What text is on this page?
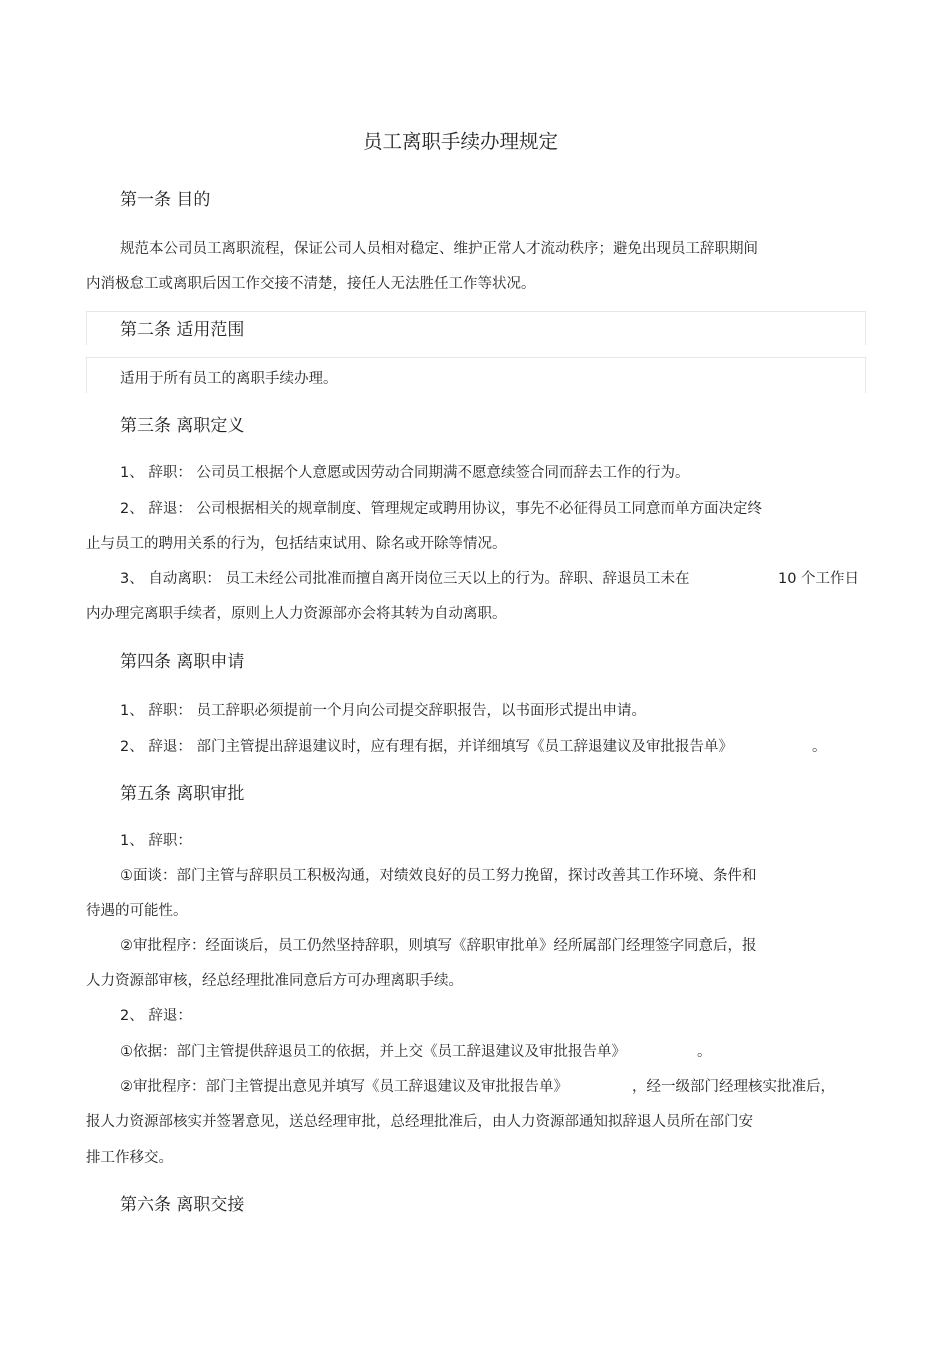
员工离职手续办理规定
第一条 目的
规范本公司员工离职流程，保证公司人员相对稳定、维护正常人才流动秩序；避免出现员工辞职期间
内消极怠工或离职后因工作交接不清楚，接任人无法胜任工作等状况。
第二条 适用范围
适用于所有员工的离职手续办理。
第三条 离职定义
1、 辞职： 公司员工根据个人意愿或因劳动合同期满不愿意续签合同而辞去工作的行为。
2、 辞退： 公司根据相关的规章制度、管理规定或聘用协议，事先不必征得员工同意而单方面决定终
止与员工的聘用关系的行为，包括结束试用、除名或开除等情况。
3、 自动离职： 员工未经公司批准而擅自离开岗位三天以上的行为。辞职、辞退员工未在	10 个工作日
内办理完离职手续者，原则上人力资源部亦会将其转为自动离职。
第四条 离职申请
1、 辞职： 员工辞职必须提前一个月向公司提交辞职报告，以书面形式提出申请。
2、 辞退： 部门主管提出辞退建议时，应有理有据，并详细填写《员工辞退建议及审批报告单》	。
第五条 离职审批
1、 辞职：
①面谈：部门主管与辞职员工积极沟通，对绩效良好的员工努力挽留，探讨改善其工作环境、条件和
待遇的可能性。
②审批程序：经面谈后，员工仍然坚持辞职，则填写《辞职审批单》经所属部门经理签字同意后，报
人力资源部审核，经总经理批准同意后方可办理离职手续。
2、 辞退：
①依据：部门主管提供辞退员工的依据，并上交《员工辞退建议及审批报告单》	。
②审批程序：部门主管提出意见并填写《员工辞退建议及审批报告单》	，经一级部门经理核实批准后，
报人力资源部核实并签署意见，送总经理审批，总经理批准后，由人力资源部通知拟辞退人员所在部门安
排工作移交。
第六条 离职交接
